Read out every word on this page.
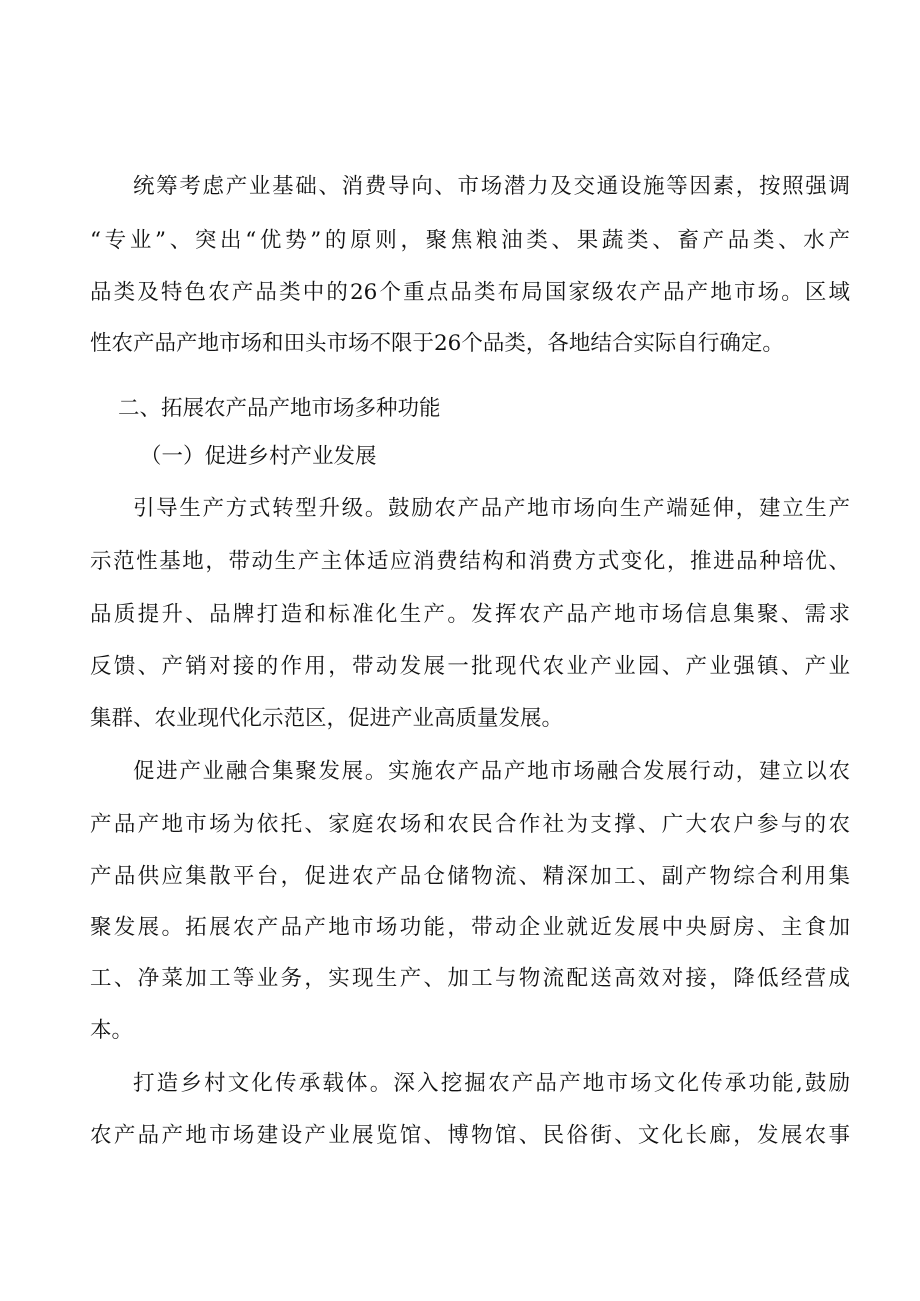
统筹考虑产业基础、消费导向、市场潜力及交通设施等因素，按照强调
“专业”、突出“优势”的原则，聚焦粮油类、果蔬类、畜产品类、水产
品类及特色农产品类中的26个重点品类布局国家级农产品产地市场。区域
性农产品产地市场和田头市场不限于26个品类，各地结合实际自行确定。
二、拓展农产品产地市场多种功能
（一）促进乡村产业发展
引导生产方式转型升级。鼓励农产品产地市场向生产端延伸，建立生产
示范性基地，带动生产主体适应消费结构和消费方式变化，推进品种培优、
品质提升、品牌打造和标准化生产。发挥农产品产地市场信息集聚、需求
反馈、产销对接的作用，带动发展一批现代农业产业园、产业强镇、产业
集群、农业现代化示范区，促进产业高质量发展。
促进产业融合集聚发展。实施农产品产地市场融合发展行动，建立以农
产品产地市场为依托、家庭农场和农民合作社为支撑、广大农户参与的农
产品供应集散平台，促进农产品仓储物流、精深加工、副产物综合利用集
聚发展。拓展农产品产地市场功能，带动企业就近发展中央厨房、主食加
工、净菜加工等业务，实现生产、加工与物流配送高效对接，降低经营成
本。
打造乡村文化传承载体。深入挖掘农产品产地市场文化传承功能,鼓励
农产品产地市场建设产业展览馆、博物馆、民俗街、文化长廊，发展农事
